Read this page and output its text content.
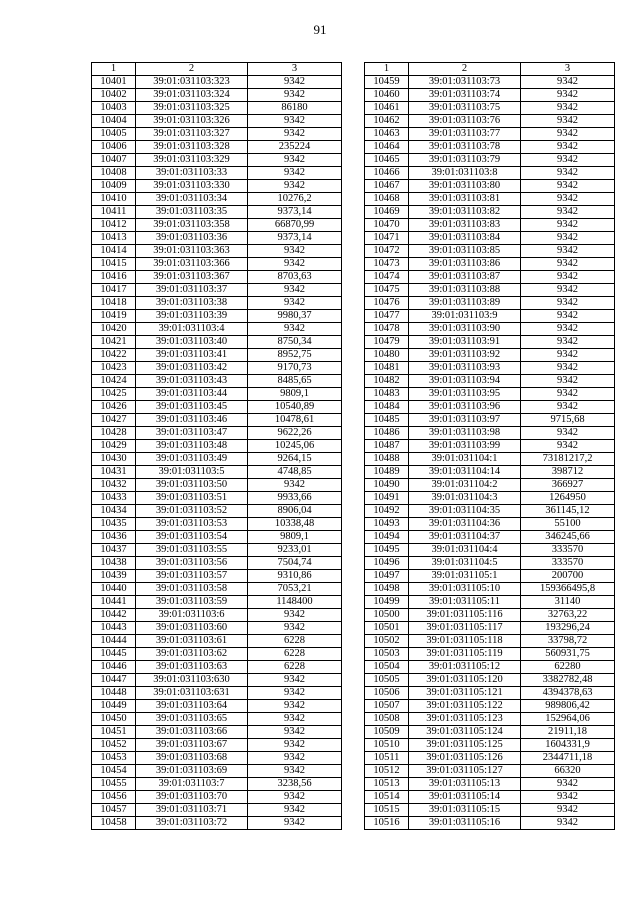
91
1	2	3
10401	39:01:031103:323	9342
10402	39:01:031103:324	9342
10403	39:01:031103:325	86180
10404	39:01:031103:326	9342
10405	39:01:031103:327	9342
10406	39:01:031103:328	235224
10407	39:01:031103:329	9342
10408	39:01:031103:33	9342
10409	39:01:031103:330	9342
10410	39:01:031103:34	10276,2
10411	39:01:031103:35	9373,14
10412	39:01:031103:358	66870,99
10413	39:01:031103:36	9373,14
10414	39:01:031103:363	9342
10415	39:01:031103:366	9342
10416	39:01:031103:367	8703,63
10417	39:01:031103:37	9342
10418	39:01:031103:38	9342
10419	39:01:031103:39	9980,37
10420	39:01:031103:4	9342
10421	39:01:031103:40	8750,34
10422	39:01:031103:41	8952,75
10423	39:01:031103:42	9170,73
10424	39:01:031103:43	8485,65
10425	39:01:031103:44	9809,1
10426	39:01:031103:45	10540,89
10427	39:01:031103:46	10478,61
10428	39:01:031103:47	9622,26
10429	39:01:031103:48	10245,06
10430	39:01:031103:49	9264,15
10431	39:01:031103:5	4748,85
10432	39:01:031103:50	9342
10433	39:01:031103:51	9933,66
10434	39:01:031103:52	8906,04
10435	39:01:031103:53	10338,48
10436	39:01:031103:54	9809,1
10437	39:01:031103:55	9233,01
10438	39:01:031103:56	7504,74
10439	39:01:031103:57	9310,86
10440	39:01:031103:58	7053,21
10441	39:01:031103:59	1148400
10442	39:01:031103:6	9342
10443	39:01:031103:60	9342
10444	39:01:031103:61	6228
10445	39:01:031103:62	6228
10446	39:01:031103:63	6228
10447	39:01:031103:630	9342
10448	39:01:031103:631	9342
10449	39:01:031103:64	9342
10450	39:01:031103:65	9342
10451	39:01:031103:66	9342
10452	39:01:031103:67	9342
10453	39:01:031103:68	9342
10454	39:01:031103:69	9342
10455	39:01:031103:7	3238,56
10456	39:01:031103:70	9342
10457	39:01:031103:71	9342
10458	39:01:031103:72	9342
1	2	3
10459	39:01:031103:73	9342
10460	39:01:031103:74	9342
10461	39:01:031103:75	9342
10462	39:01:031103:76	9342
10463	39:01:031103:77	9342
10464	39:01:031103:78	9342
10465	39:01:031103:79	9342
10466	39:01:031103:8	9342
10467	39:01:031103:80	9342
10468	39:01:031103:81	9342
10469	39:01:031103:82	9342
10470	39:01:031103:83	9342
10471	39:01:031103:84	9342
10472	39:01:031103:85	9342
10473	39:01:031103:86	9342
10474	39:01:031103:87	9342
10475	39:01:031103:88	9342
10476	39:01:031103:89	9342
10477	39:01:031103:9	9342
10478	39:01:031103:90	9342
10479	39:01:031103:91	9342
10480	39:01:031103:92	9342
10481	39:01:031103:93	9342
10482	39:01:031103:94	9342
10483	39:01:031103:95	9342
10484	39:01:031103:96	9342
10485	39:01:031103:97	9715,68
10486	39:01:031103:98	9342
10487	39:01:031103:99	9342
10488	39:01:031104:1	73181217,2
10489	39:01:031104:14	398712
10490	39:01:031104:2	366927
10491	39:01:031104:3	1264950
10492	39:01:031104:35	361145,12
10493	39:01:031104:36	55100
10494	39:01:031104:37	346245,66
10495	39:01:031104:4	333570
10496	39:01:031104:5	333570
10497	39:01:031105:1	200700
10498	39:01:031105:10	159366495,8
10499	39:01:031105:11	31140
10500	39:01:031105:116	32763,22
10501	39:01:031105:117	193296,24
10502	39:01:031105:118	33798,72
10503	39:01:031105:119	560931,75
10504	39:01:031105:12	62280
10505	39:01:031105:120	3382782,48
10506	39:01:031105:121	4394378,63
10507	39:01:031105:122	989806,42
10508	39:01:031105:123	152964,06
10509	39:01:031105:124	21911,18
10510	39:01:031105:125	1604331,9
10511	39:01:031105:126	2344711,18
10512	39:01:031105:127	66320
10513	39:01:031105:13	9342
10514	39:01:031105:14	9342
10515	39:01:031105:15	9342
10516	39:01:031105:16	9342
